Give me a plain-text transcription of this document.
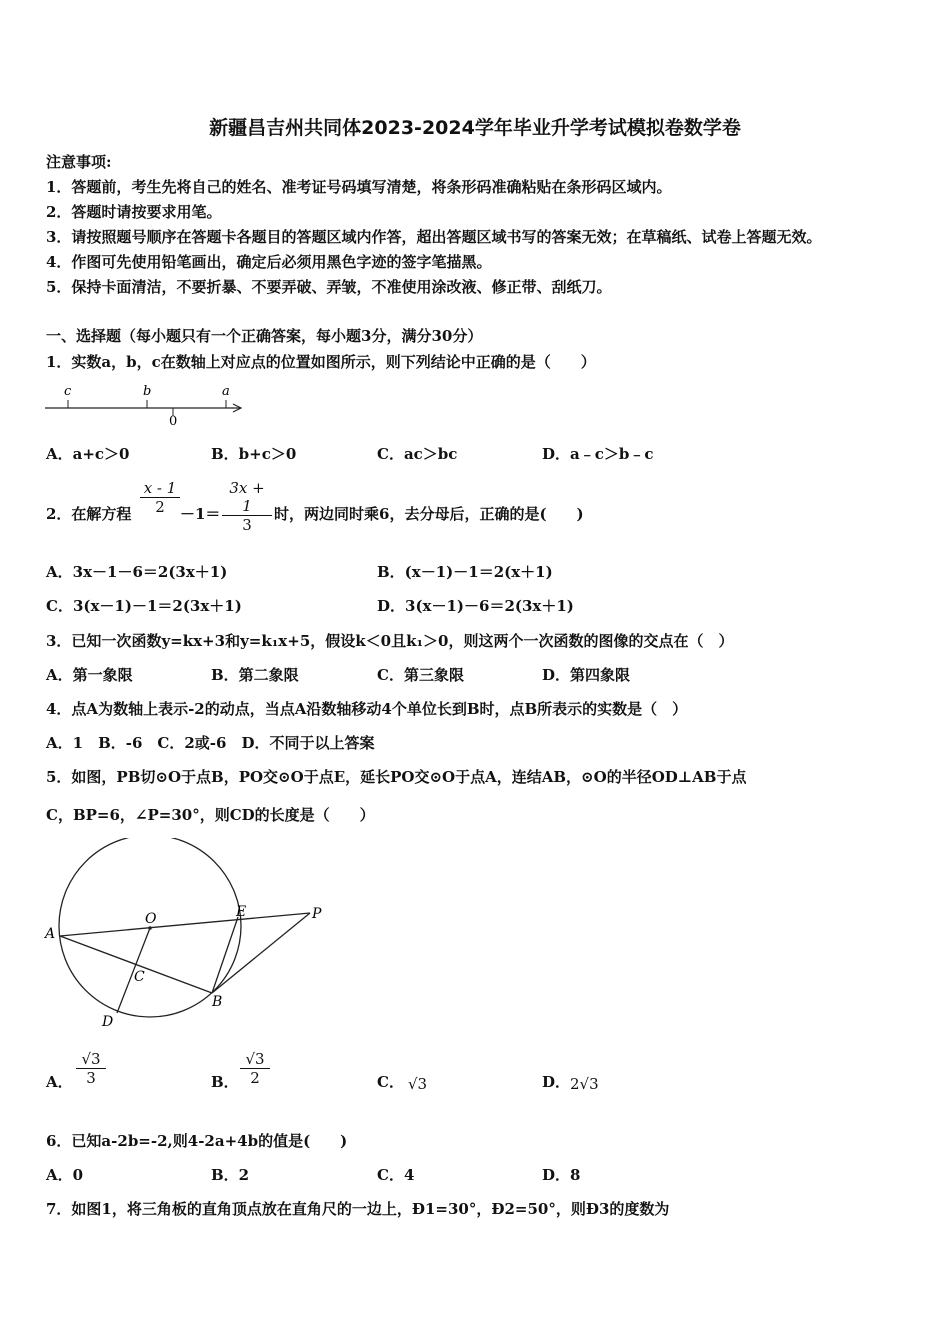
新疆昌吉州共同体2023-2024学年毕业升学考试模拟卷数学卷
注意事项:
1．答题前，考生先将自己的姓名、准考证号码填写清楚，将条形码准确粘贴在条形码区域内。
2．答题时请按要求用笔。
3．请按照题号顺序在答题卡各题目的答题区域内作答，超出答题区域书写的答案无效；在草稿纸、试卷上答题无效。
4．作图可先使用铅笔画出，确定后必须用黑色字迹的签字笔描黑。
5．保持卡面清洁，不要折暴、不要弄破、弄皱，不准使用涂改液、修正带、刮纸刀。
一、选择题（每小题只有一个正确答案，每小题3分，满分30分）
1．实数a，b，c在数轴上对应点的位置如图所示，则下列结论中正确的是（　　）
c	b	a
0
A．a+c＞0	B．b+c＞0	C．ac＞bc	D．a﹣c＞b﹣c
2．在解方程
x - 1
2	－1＝
3x + 1
3
时，两边同时乘6，去分母后，正确的是(　　)
A．3x－1－6＝2(3x＋1)	B．(x－1)－1＝2(x＋1)
C．3(x－1)－1＝2(3x＋1)	D．3(x－1)－6＝2(3x＋1)
3．已知一次函数y=kx+3和y=k₁x+5，假设k＜0且k₁＞0，则这两个一次函数的图像的交点在（　）
A．第一象限	B．第二象限	C．第三象限	D．第四象限
4．点A为数轴上表示-2的动点，当点A沿数轴移动4个单位长到B时，点B所表示的实数是（　）
A．1　B．-6　C．2或-6　D．不同于以上答案
5．如图，PB切⊙O于点B，PO交⊙O于点E，延长PO交⊙O于点A，连结AB，⊙O的半径OD⊥AB于点
C，BP=6，∠P=30°，则CD的长度是（　　）
A
O	E	P
C
B
D
A．
√3
3	B．
√3
2	C． √3	D． 2√3
6．已知a-2b=-2,则4-2a+4b的值是(　　)
A．0	B．2	C．4	D．8
7．如图1，将三角板的直角顶点放在直角尺的一边上，Ð1=30°，Ð2=50°，则Ð3的度数为
